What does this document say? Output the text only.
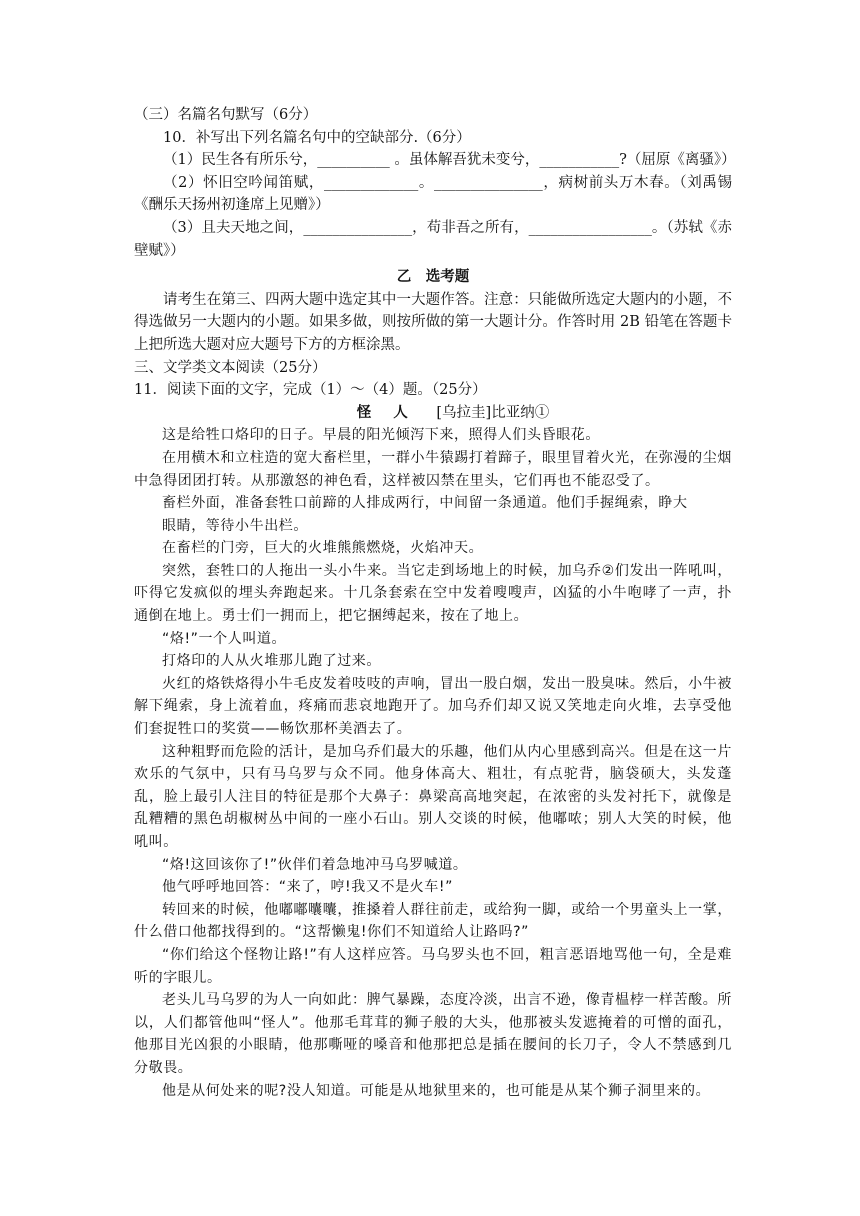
（三）名篇名句默写（6分）
10．补写出下列名篇名句中的空缺部分.（6分）
（1）民生各有所乐兮，__________ 。虽体解吾犹未变兮，___________?（屈原《离骚》）
（2）怀旧空吟闻笛赋，_____________。_______________，病树前头万木春。（刘禹锡《酬乐天扬州初逢席上见赠》）
（3）且夫天地之间，_______________，苟非吾之所有，_________________。（苏轼《赤壁赋》）
乙　选考题
请考生在第三、四两大题中选定其中一大题作答。注意：只能做所选定大题内的小题，不得选做另一大题内的小题。如果多做，则按所做的第一大题计分。作答时用 2B 铅笔在答题卡上把所选大题对应大题号下方的方框涂黑。
三、文学类文本阅读（25分）
11．阅读下面的文字，完成（1）～（4）题。（25分）
怪人 [乌拉圭]比亚纳①
这是给牲口烙印的日子。早晨的阳光倾泻下来，照得人们头昏眼花。
在用横木和立柱造的宽大畜栏里，一群小牛猿踢打着蹄子，眼里冒着火光，在弥漫的尘烟中急得团团打转。从那激怒的神色看，这样被囚禁在里头，它们再也不能忍受了。
畜栏外面，准备套牲口前蹄的人排成两行，中间留一条通道。他们手握绳索，睁大
眼睛，等待小牛出栏。
在畜栏的门旁，巨大的火堆熊熊燃烧，火焰冲天。
突然，套牲口的人拖出一头小牛来。当它走到场地上的时候，加乌乔②们发出一阵吼叫，吓得它发疯似的埋头奔跑起来。十几条套索在空中发着嗖嗖声，凶猛的小牛咆哮了一声，扑通倒在地上。勇士们一拥而上，把它捆缚起来，按在了地上。
“烙!”一个人叫道。
打烙印的人从火堆那儿跑了过来。
火红的烙铁烙得小牛毛皮发着吱吱的声响，冒出一股白烟，发出一股臭味。然后，小牛被解下绳索，身上流着血，疼痛而悲哀地跑开了。加乌乔们却又说又笑地走向火堆，去享受他们套捉牲口的奖赏——畅饮那杯美酒去了。
这种粗野而危险的活计，是加乌乔们最大的乐趣，他们从内心里感到高兴。但是在这一片欢乐的气氛中，只有马乌罗与众不同。他身体高大、粗壮，有点驼背，脑袋硕大，头发蓬乱，脸上最引人注目的特征是那个大鼻子：鼻梁高高地突起，在浓密的头发衬托下，就像是乱糟糟的黑色胡椒树丛中间的一座小石山。别人交谈的时候，他嘟哝；别人大笑的时候，他吼叫。
“烙!这回该你了!”伙伴们着急地冲马乌罗喊道。
他气呼呼地回答：“来了，哼!我又不是火车!”
转回来的时候，他嘟嘟囔囔，推搡着人群往前走，或给狗一脚，或给一个男童头上一掌，什么借口他都找得到的。“这帮懒鬼!你们不知道给人让路吗?”
“你们给这个怪物让路!”有人这样应答。马乌罗头也不回，粗言恶语地骂他一句，全是难听的字眼儿。
老头儿马乌罗的为人一向如此：脾气暴躁，态度冷淡，出言不逊，像青榅桲一样苦酸。所以，人们都管他叫“怪人”。他那毛茸茸的狮子般的大头，他那被头发遮掩着的可憎的面孔，他那目光凶狠的小眼睛，他那嘶哑的嗓音和他那把总是插在腰间的长刀子，令人不禁感到几分敬畏。
他是从何处来的呢?没人知道。可能是从地狱里来的，也可能是从某个狮子洞里来的。
